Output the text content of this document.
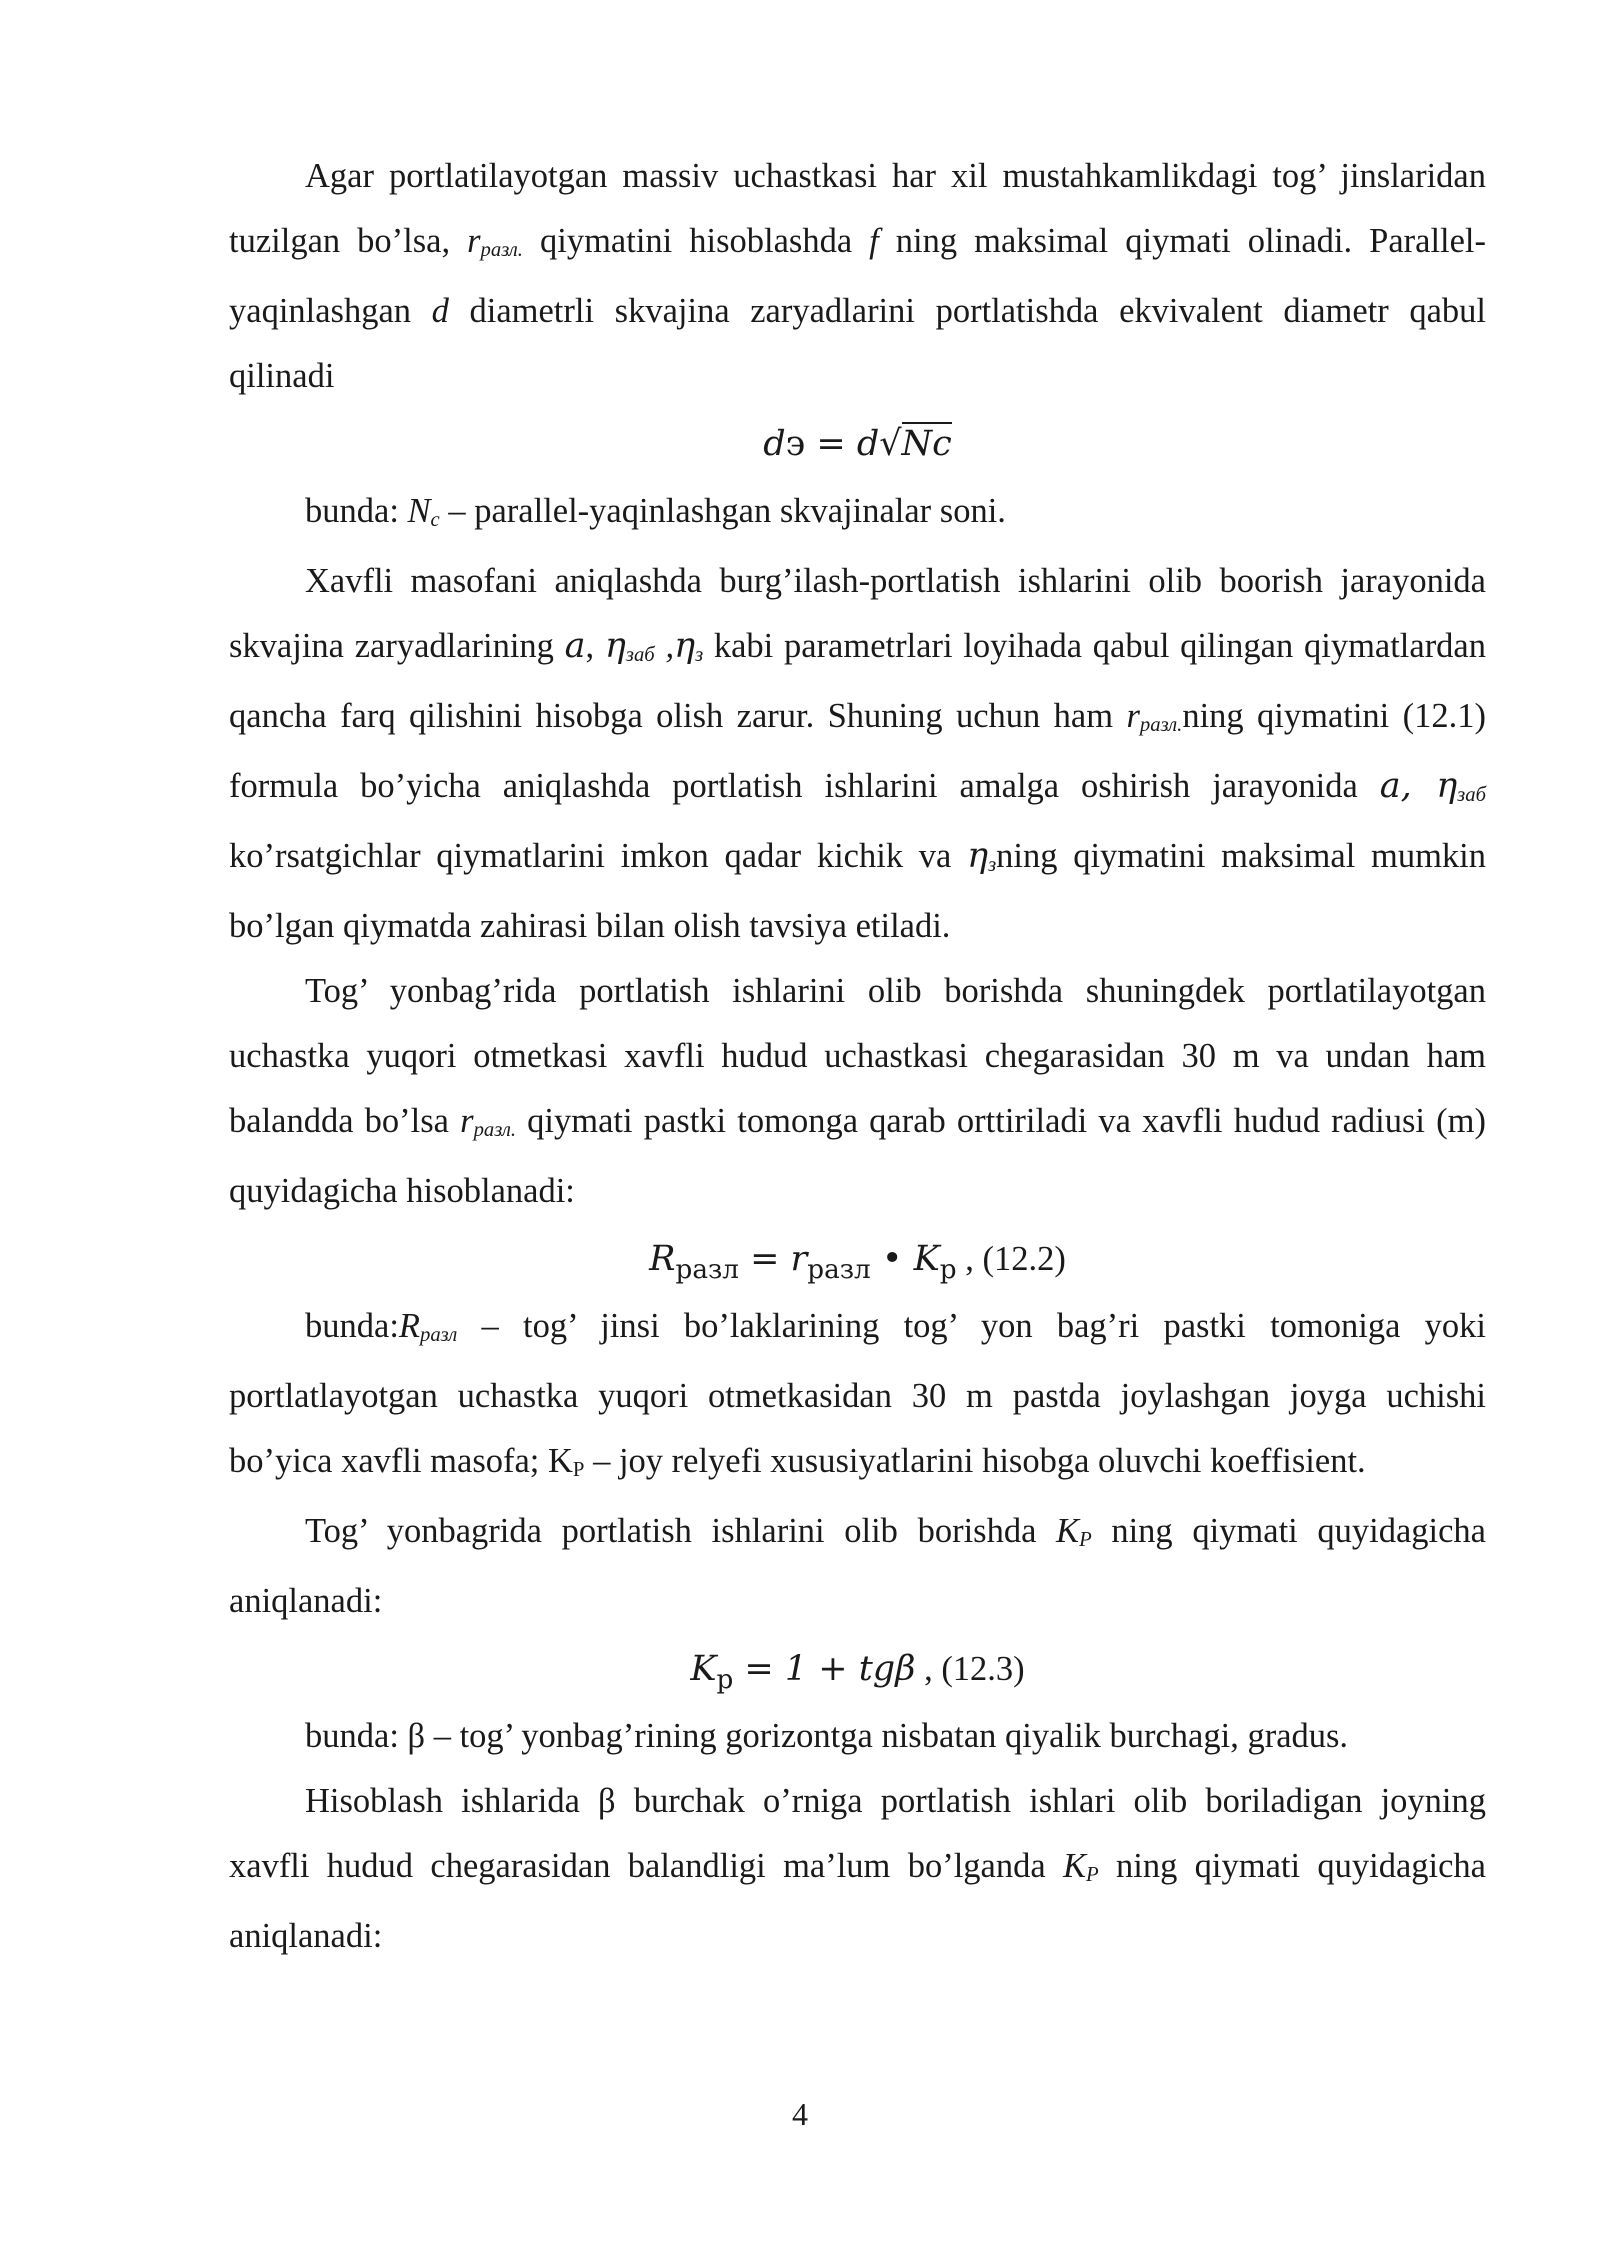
Agar portlatilayotgan massiv uchastkasi har xil mustahkamlikdagi tog’ jinslaridan tuzilgan bo’lsa, rразл. qiymatini hisoblashda f ning maksimal qiymati olinadi. Parallel-yaqinlashgan d diametrli skvajina zaryadlarini portlatishda ekvivalent diametr qabul qilinadi

dэ = d√Nc

bunda: Nc – parallel-yaqinlashgan skvajinalar soni.

Xavfli masofani aniqlashda burg’ilash-portlatish ishlarini olib boorish jarayonida skvajina zaryadlarining a, ηзаб ,ηз kabi parametrlari loyihada qabul qilingan qiymatlardan qancha farq qilishini hisobga olish zarur. Shuning uchun ham rразл.ning qiymatini (12.1) formula bo’yicha aniqlashda portlatish ishlarini amalga oshirish jarayonida a, ηзаб ko’rsatgichlar qiymatlarini imkon qadar kichik va ηзning qiymatini maksimal mumkin bo’lgan qiymatda zahirasi bilan olish tavsiya etiladi.

Tog’ yonbag’rida portlatish ishlarini olib borishda shuningdek portlatilayotgan uchastka yuqori otmetkasi xavfli hudud uchastkasi chegarasidan 30 m va undan ham balandda bo’lsa rразл. qiymati pastki tomonga qarab orttiriladi va xavfli hudud radiusi (m) quyidagicha hisoblanadi:

$R_{разл} = r_{разл}$ • $K_р$ , (12.2)

bunda:Rразл – tog’ jinsi bo’laklarining tog’ yon bag’ri pastki tomoniga yoki portlatlayotgan uchastka yuqori otmetkasidan 30 m pastda joylashgan joyga uchishi bo’yica xavfli masofa; KP – joy relyefi xususiyatlarini hisobga oluvchi koeffisient.

Tog’ yonbagrida portlatish ishlarini olib borishda KP ning qiymati quyidagicha aniqlanadi:

$K_р = 1 + tg\beta$ , (12.3)

bunda: β – tog’ yonbag’rining gorizontga nisbatan qiyalik burchagi, gradus.

Hisoblash ishlarida β burchak o’rniga portlatish ishlari olib boriladigan joyning xavfli hudud chegarasidan balandligi ma’lum bo’lganda KP ning qiymati quyidagicha aniqlanadi:

4
